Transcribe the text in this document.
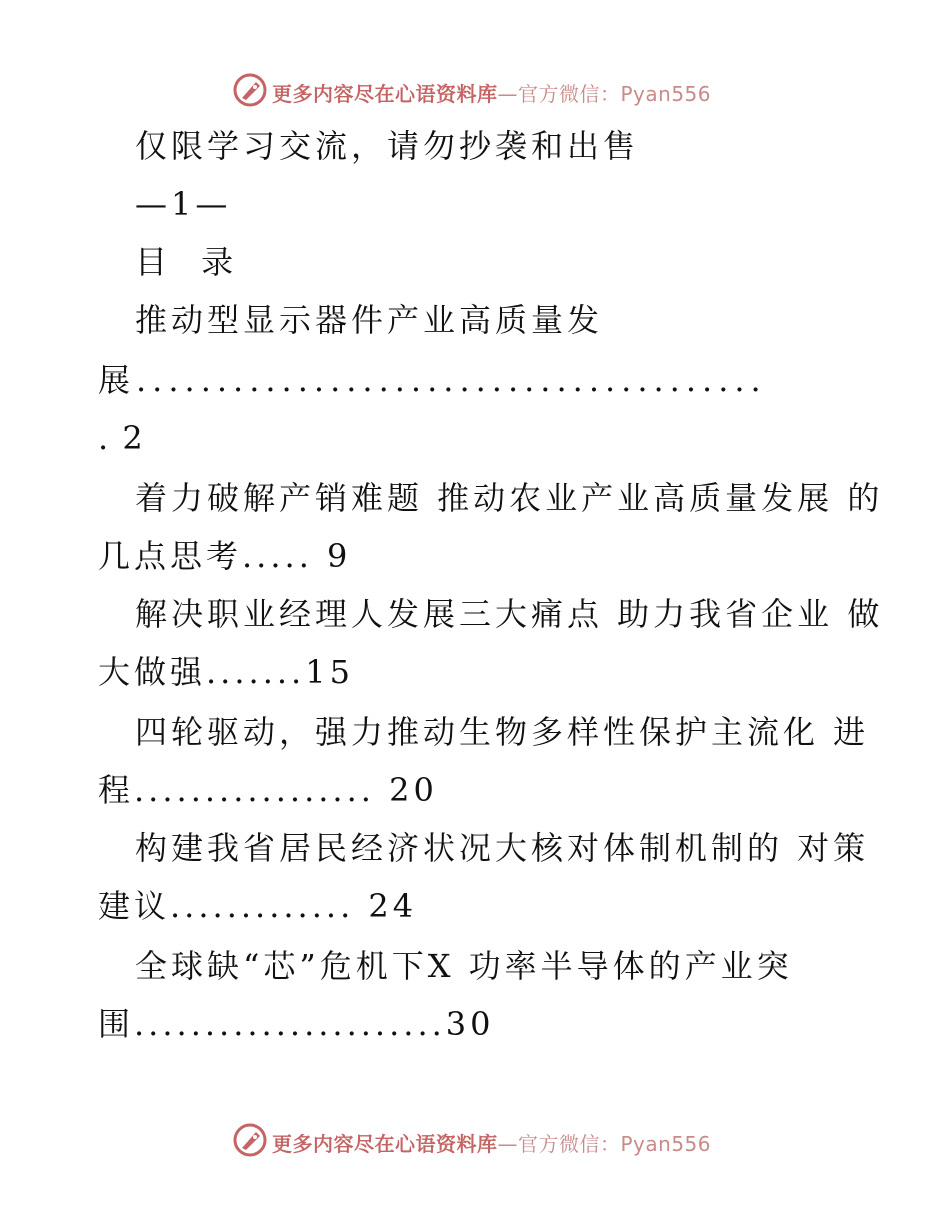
更多内容尽在心语资料库—官方微信：Pyan556
仅限学习交流，请勿抄袭和出售
—1—
目 录
推动型显示器件产业高质量发
展.......................................
. 2
着力破解产销难题 推动农业产业高质量发展 的
几点思考..... 9
解决职业经理人发展三大痛点 助力我省企业 做
大做强.......15
四轮驱动，强力推动生物多样性保护主流化 进
程................. 20
构建我省居民经济状况大核对体制机制的 对策
建议............. 24
全球缺“芯”危机下X 功率半导体的产业突
围......................30
更多内容尽在心语资料库—官方微信：Pyan556
